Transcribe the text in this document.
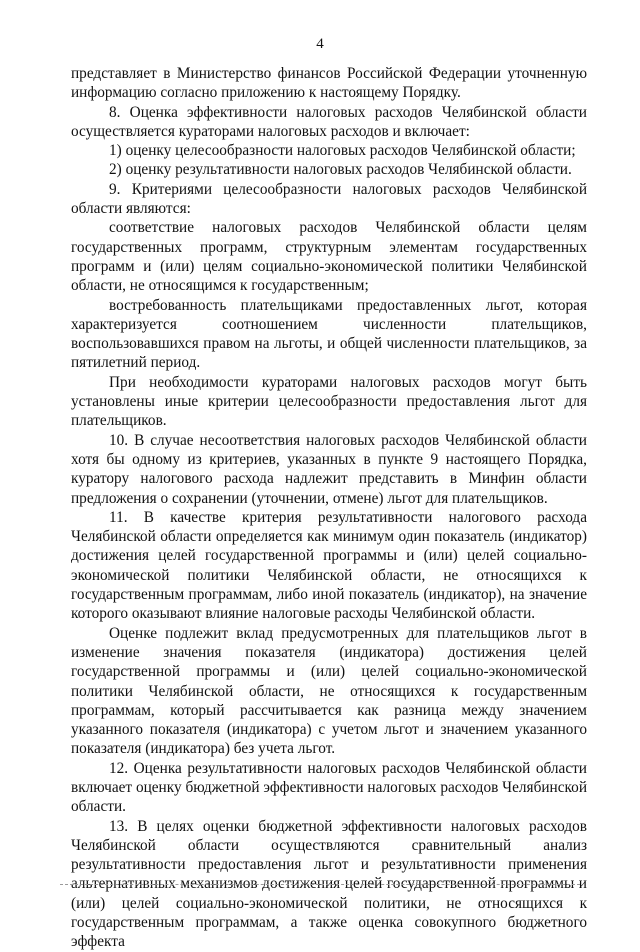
4

представляет в Министерство финансов Российской Федерации уточненную информацию согласно приложению к настоящему Порядку.

8. Оценка эффективности налоговых расходов Челябинской области осуществляется кураторами налоговых расходов и включает:

1) оценку целесообразности налоговых расходов Челябинской области;

2) оценку результативности налоговых расходов Челябинской области.

9. Критериями целесообразности налоговых расходов Челябинской области являются:

соответствие налоговых расходов Челябинской области целям государственных программ, структурным элементам государственных программ и (или) целям социально-экономической политики Челябинской области, не относящимся к государственным;

востребованность плательщиками предоставленных льгот, которая характеризуется соотношением численности плательщиков, воспользовавшихся правом на льготы, и общей численности плательщиков, за пятилетний период.

При необходимости кураторами налоговых расходов могут быть установлены иные критерии целесообразности предоставления льгот для плательщиков.

10. В случае несоответствия налоговых расходов Челябинской области хотя бы одному из критериев, указанных в пункте 9 настоящего Порядка, куратору налогового расхода надлежит представить в Минфин области предложения о сохранении (уточнении, отмене) льгот для плательщиков.

11. В качестве критерия результативности налогового расхода Челябинской области определяется как минимум один показатель (индикатор) достижения целей государственной программы и (или) целей социально-экономической политики Челябинской области, не относящихся к государственным программам, либо иной показатель (индикатор), на значение которого оказывают влияние налоговые расходы Челябинской области.

Оценке подлежит вклад предусмотренных для плательщиков льгот в изменение значения показателя (индикатора) достижения целей государственной программы и (или) целей социально-экономической политики Челябинской области, не относящихся к государственным программам, который рассчитывается как разница между значением указанного показателя (индикатора) с учетом льгот и значением указанного показателя (индикатора) без учета льгот.

12. Оценка результативности налоговых расходов Челябинской области включает оценку бюджетной эффективности налоговых расходов Челябинской области.

13. В целях оценки бюджетной эффективности налоговых расходов Челябинской области осуществляются сравнительный анализ результативности предоставления льгот и результативности применения альтернативных механизмов достижения целей государственной программы и (или) целей социально-экономической политики, не относящихся к государственным программам, а также оценка совокупного бюджетного эффекта
